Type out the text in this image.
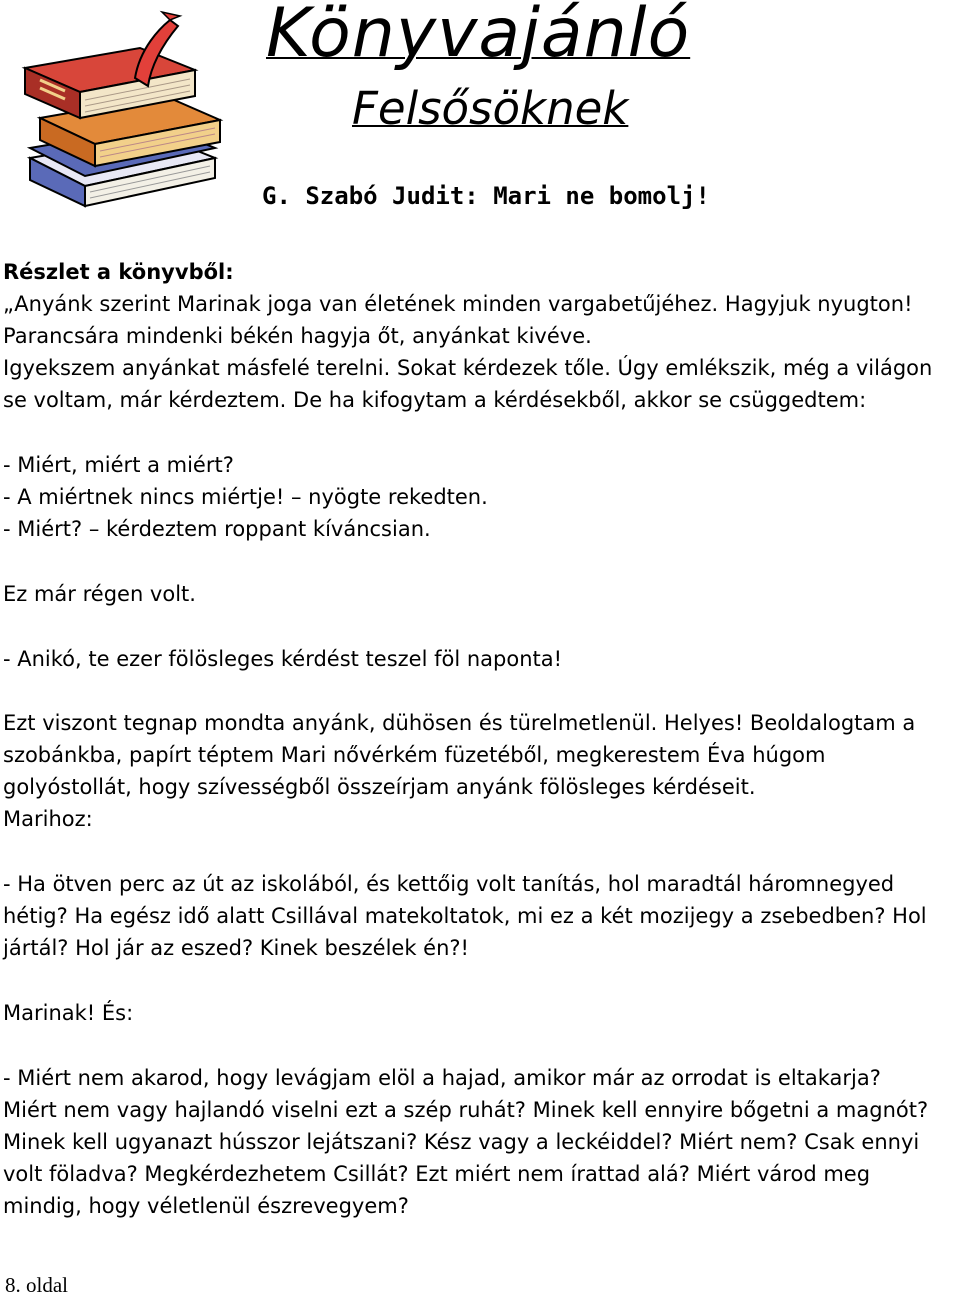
Könyvajánló
Felsősöknek
G. Szabó Judit: Mari ne bomolj!
Részlet a könyvből:
„Anyánk szerint Marinak joga van életének minden vargabetűjéhez. Hagyjuk nyugton!
Parancsára mindenki békén hagyja őt, anyánkat kivéve.
Igyekszem anyánkat másfelé terelni. Sokat kérdezek tőle. Úgy emlékszik, még a világon
se voltam, már kérdeztem. De ha kifogytam a kérdésekből, akkor se csüggedtem:
- Miért, miért a miért?
- A miértnek nincs miértje! – nyögte rekedten.
- Miért? – kérdeztem roppant kíváncsian.
Ez már régen volt.
- Anikó, te ezer fölösleges kérdést teszel föl naponta!
Ezt viszont tegnap mondta anyánk, dühösen és türelmetlenül. Helyes! Beoldalogtam a
szobánkba, papírt téptem Mari nővérkém füzetéből, megkerestem Éva húgom
golyóstollát, hogy szívességből összeírjam anyánk fölösleges kérdéseit.
Marihoz:
- Ha ötven perc az út az iskolából, és kettőig volt tanítás, hol maradtál háromnegyed
hétig? Ha egész idő alatt Csillával matekoltatok, mi ez a két mozijegy a zsebedben? Hol
jártál? Hol jár az eszed? Kinek beszélek én?!
Marinak! És:
- Miért nem akarod, hogy levágjam elöl a hajad, amikor már az orrodat is eltakarja?
Miért nem vagy hajlandó viselni ezt a szép ruhát? Minek kell ennyire bőgetni a magnót?
Minek kell ugyanazt hússzor lejátszani? Kész vagy a leckéiddel? Miért nem? Csak ennyi
volt föladva? Megkérdezhetem Csillát? Ezt miért nem írattad alá? Miért várod meg
mindig, hogy véletlenül észrevegyem?
8. oldal
